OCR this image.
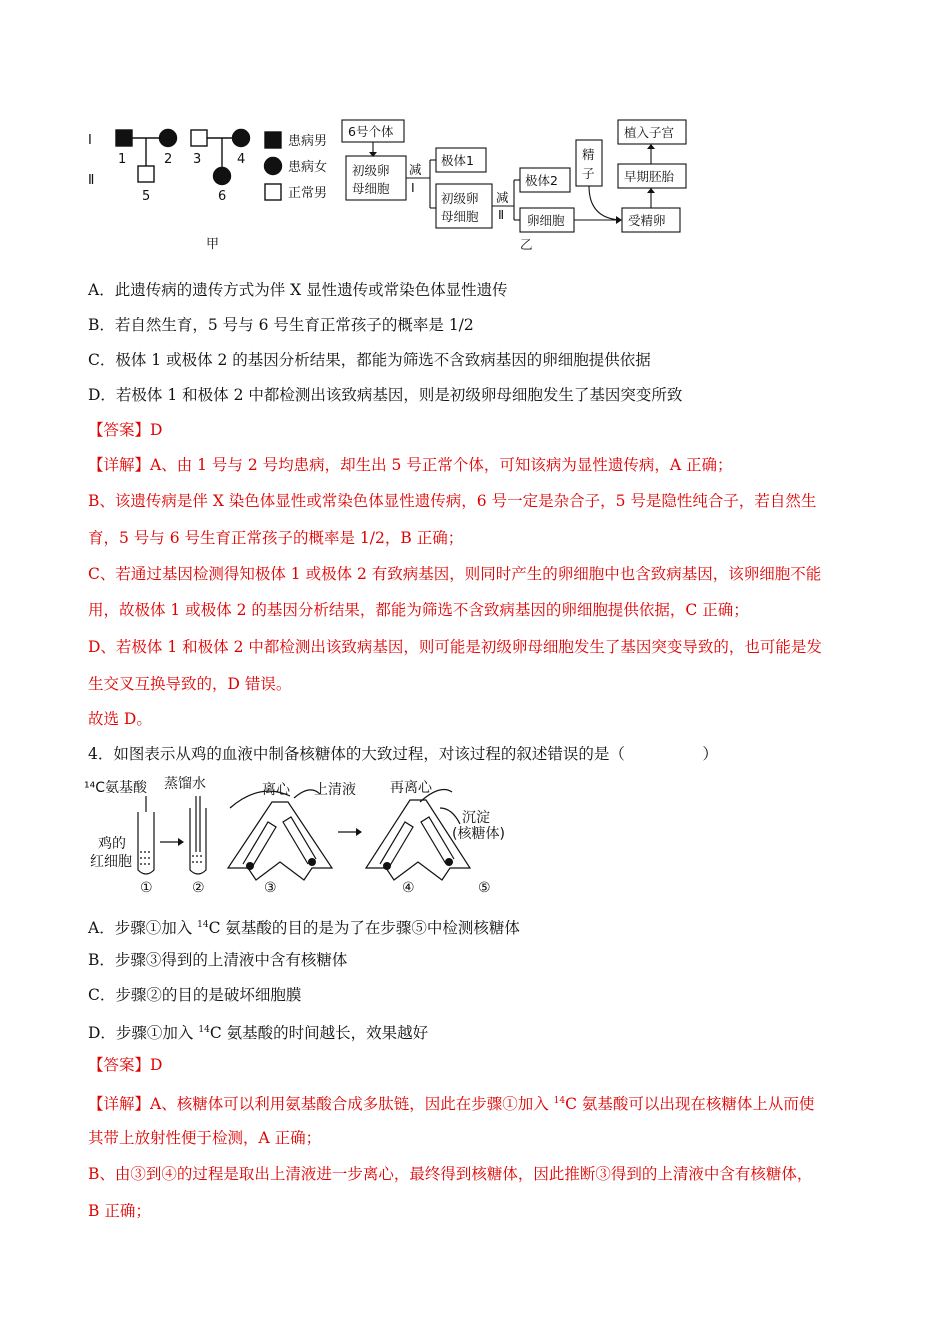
Ⅰ
Ⅱ
1	2 3	4
5	6
患病男
患病女
正常男
甲
6号个体
初级卵
母细胞
减
Ⅰ
极体1
初级卵
母细胞
减
Ⅱ
极体2
卵细胞
精
子
受精卵
早期胚胎
植入子宫
乙
A．此遗传病的遗传方式为伴 X 显性遗传或常染色体显性遗传
B．若自然生育，5 号与 6 号生育正常孩子的概率是 1/2
C．极体 1 或极体 2 的基因分析结果，都能为筛选不含致病基因的卵细胞提供依据
D．若极体 1 和极体 2 中都检测出该致病基因，则是初级卵母细胞发生了基因突变所致
【答案】D
【详解】A、由 1 号与 2 号均患病，却生出 5 号正常个体，可知该病为显性遗传病，A 正确；
B、该遗传病是伴 X 染色体显性或常染色体显性遗传病，6 号一定是杂合子，5 号是隐性纯合子，若自然生
育，5 号与 6 号生育正常孩子的概率是 1/2，B 正确；
C、若通过基因检测得知极体 1 或极体 2 有致病基因，则同时产生的卵细胞中也含致病基因，该卵细胞不能
用，故极体 1 或极体 2 的基因分析结果，都能为筛选不含致病基因的卵细胞提供依据，C 正确；
D、若极体 1 和极体 2 中都检测出该致病基因，则可能是初级卵母细胞发生了基因突变导致的，也可能是发
生交叉互换导致的，D 错误。
故选 D。
4．如图表示从鸡的血液中制备核糖体的大致过程，对该过程的叙述错误的是（　　　　　）
¹⁴C氨基酸 蒸馏水	离心 上清液 再离心
沉淀
(核糖体)
鸡的
红细胞
①	②	③	④	⑤
A．步骤①加入 $^{14}$C 氨基酸的目的是为了在步骤⑤中检测核糖体
B．步骤③得到的上清液中含有核糖体
C．步骤②的目的是破坏细胞膜
D．步骤①加入 $^{14}$C 氨基酸的时间越长，效果越好
【答案】D
【详解】A、核糖体可以利用氨基酸合成多肽链，因此在步骤①加入 $^{14}$C 氨基酸可以出现在核糖体上从而使
其带上放射性便于检测，A 正确；
B、由③到④的过程是取出上清液进一步离心，最终得到核糖体，因此推断③得到的上清液中含有核糖体，
B 正确；
